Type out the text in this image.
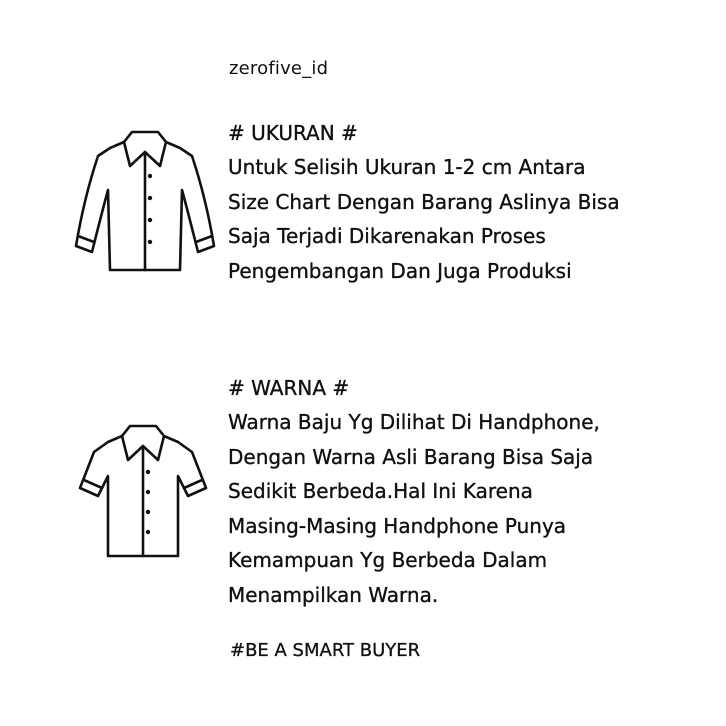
zerofive_id
# UKURAN #

Untuk Selisih Ukuran 1-2 cm Antara

Size Chart Dengan Barang Aslinya Bisa

Saja Terjadi Dikarenakan Proses

Pengembangan Dan Juga Produksi

# WARNA #

Warna Baju Yg Dilihat Di Handphone,

Dengan Warna Asli Barang Bisa Saja

Sedikit Berbeda.Hal Ini Karena

Masing-Masing Handphone Punya

Kemampuan Yg Berbeda Dalam

Menampilkan Warna.

#BE A SMART BUYER
